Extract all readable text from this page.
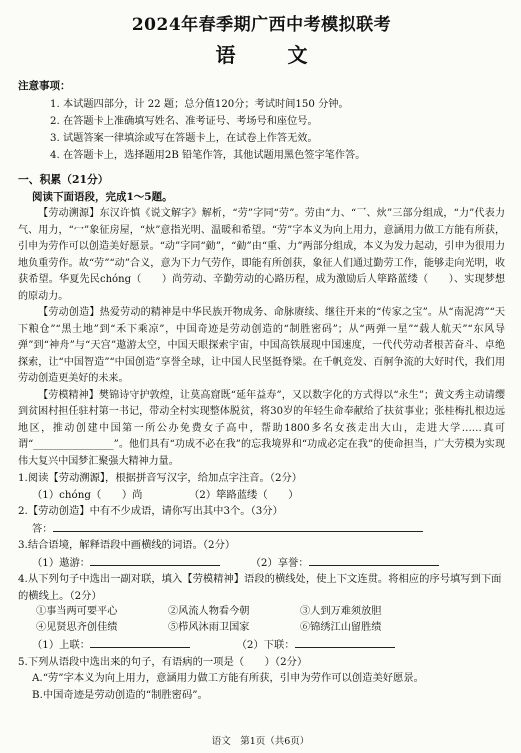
2024年春季期广西中考模拟联考
语　文
注意事项：
1. 本试题四部分，计 22 题；总分值120分；考试时间150 分钟。
2. 在答题卡上准确填写姓名、准考证号、考场号和座位号。
3. 试题答案一律填涂或写在答题卡上，在试卷上作答无效。
4. 在答题卡上，选择题用2B 铅笔作答，其他试题用黑色签字笔作答。
一、积累（21分）
阅读下面语段，完成1～5题。

【劳动溯源】东汉许慎《说文解字》解析，“劳”字同“劳”。劳由“力、“乛、炏”三部分组成，“力”代表力气、用力，“冖”象征房屋，“炏”意指光明、温暖和希望。“劳”字本义为向上用力，意涵用力做工方能有所获，引申为劳作可以创造美好愿景。“动”字同“勭”，“勭”由“重、力”两部分组成，本义为发力起动，引申为很用力地负重劳作。故“劳”“动”合义，意为下力气劳作，即能有所创获，象征人们通过勤劳工作，能够走向光明，收获希望。华夏先民ch​ó​ng（　　）尚劳动、辛勤劳动的心路历程，成为激励后人筚路蓝缕（　　）、实现梦想的原动力。

【劳动创造】热爱劳动的精神是中华民族开物成务、命脉赓续、继往开来的“传家之宝”。从“南泥湾”“天下粮仓”“黑土地”到“禾下乘凉”，中国奇迹是劳动创造的“制胜密码”；从“两弹一星”“载人航天”“东风导弹”到“神舟”与“天宫”遨游太空，中国天眼探索宇宙，中国高铁展现中国速度，一代代劳动者根苦奋斗、卓绝探索，让“中国智造”“中国创造”享誉全球，让中国人民坚挺脊梁。在千帆竞发、百舸争流的大好时代，我们用劳动创造更美好的未来。

【劳模精神】樊锦诗守护敦煌，让莫高窟既“延年益寿”，又以数字化的方式得以“永生”；黄文秀主动请缨到贫困村担任驻村第一书记，带动全村实现整体脱贫，将30岁的年轻生命奉献给了扶贫事业；张桂梅扎根边远地区，推动创建中国第一所公办免费女子高中，帮助1800多名女孩走出大山，走进大学……真可谓“________________”。他们具有“功成不必在我”的忘我境界和“功成必定在我”的使命担当，广大劳模为实现伟大复兴中国梦汇聚强大精神力量。

1.阅读【劳动溯源】，根据拼音写汉字，给加点字注音。（2分）

（1）ch​ó​ng（　　）尚	（2）筚路蓝缕（　　）

2.【劳动创造】中有不少成语，请你写出其中3个。（3分）

答：

3.结合语境，解释语段中画横线的词语。（2分）

（1）遨游：	（2）享誉：

4.从下列句子中选出一副对联，填入【劳模精神】语段的横线处，使上下文连贯。将相应的序号填写到下面的横线上。（2分）

①事当两可要平心	②风流人物看今朝	③人到万难须放胆
④见贤思齐创佳绩	⑤栉风沐雨卫国家	⑥锦绣江山留胜绩

（1）上联：	（2）下联：

5.下列从语段中选出来的句子，有语病的一项是（　　）（2分）

A.“劳”字本义为向上用力，意涵用力做工方能有所获，引申为劳作可以创造美好愿景。

B.中国奇迹是劳动创造的“制胜密码”。

语文　第1页（共6页）
